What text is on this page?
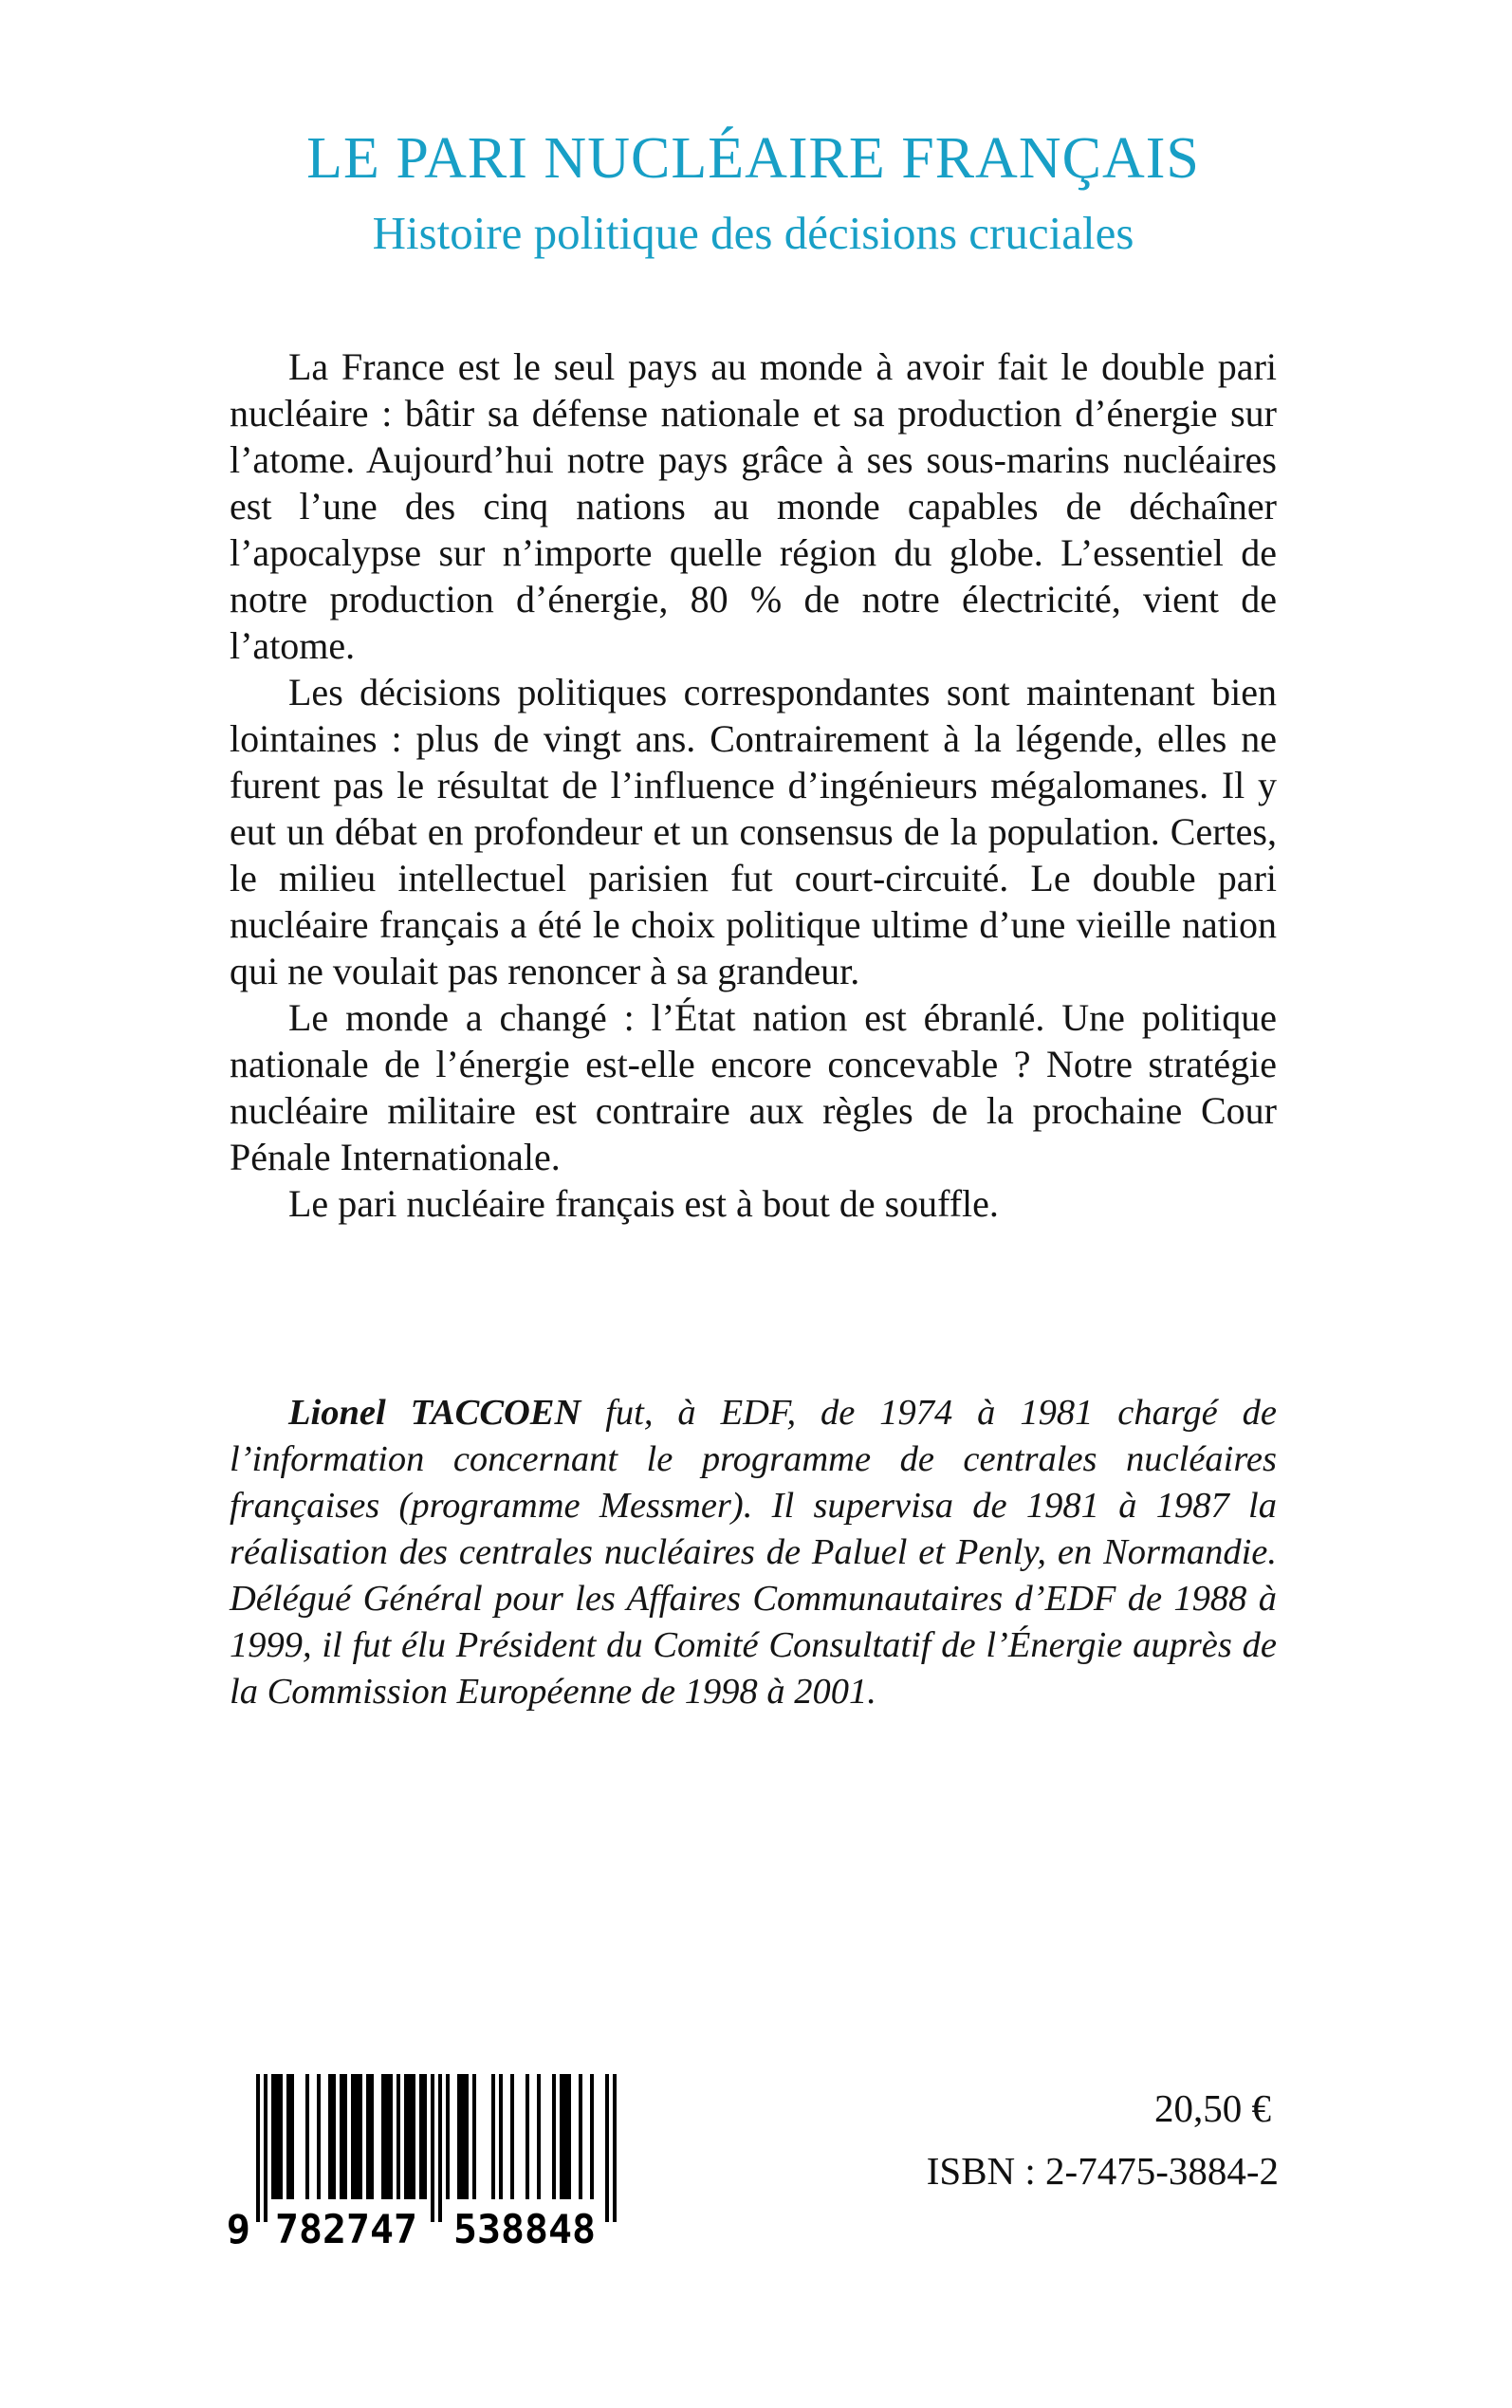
LE PARI NUCLÉAIRE FRANÇAIS
Histoire politique des décisions cruciales

La France est le seul pays au monde à avoir fait le double pari nucléaire : bâtir sa défense nationale et sa production d’énergie sur l’atome. Aujourd’hui notre pays grâce à ses sous-marins nucléaires est l’une des cinq nations au monde capables de déchaîner l’apocalypse sur n’importe quelle région du globe. L’essentiel de notre production d’énergie, 80 % de notre électricité, vient de l’atome.

Les décisions politiques correspondantes sont maintenant bien lointaines : plus de vingt ans. Contrairement à la légende, elles ne furent pas le résultat de l’influence d’ingénieurs mégalomanes. Il y eut un débat en profondeur et un consensus de la population. Certes, le milieu intellectuel parisien fut court-circuité. Le double pari nucléaire français a été le choix politique ultime d’une vieille nation qui ne voulait pas renoncer à sa grandeur.

Le monde a changé : l’État nation est ébranlé. Une politique nationale de l’énergie est-elle encore concevable ? Notre stratégie nucléaire militaire est contraire aux règles de la prochaine Cour Pénale Internationale.

Le pari nucléaire français est à bout de souffle.

Lionel TACCOEN fut, à EDF, de 1974 à 1981 chargé de l’information concernant le programme de centrales nucléaires françaises (programme Messmer). Il supervisa de 1981 à 1987 la réalisation des centrales nucléaires de Paluel et Penly, en Normandie. Délégué Général pour les Affaires Communautaires d’EDF de 1988 à 1999, il fut élu Président du Comité Consultatif de l’Énergie auprès de la Commission Européenne de 1998 à 2001.

9 782747 538848

20,50 €

ISBN : 2-7475-3884-2
